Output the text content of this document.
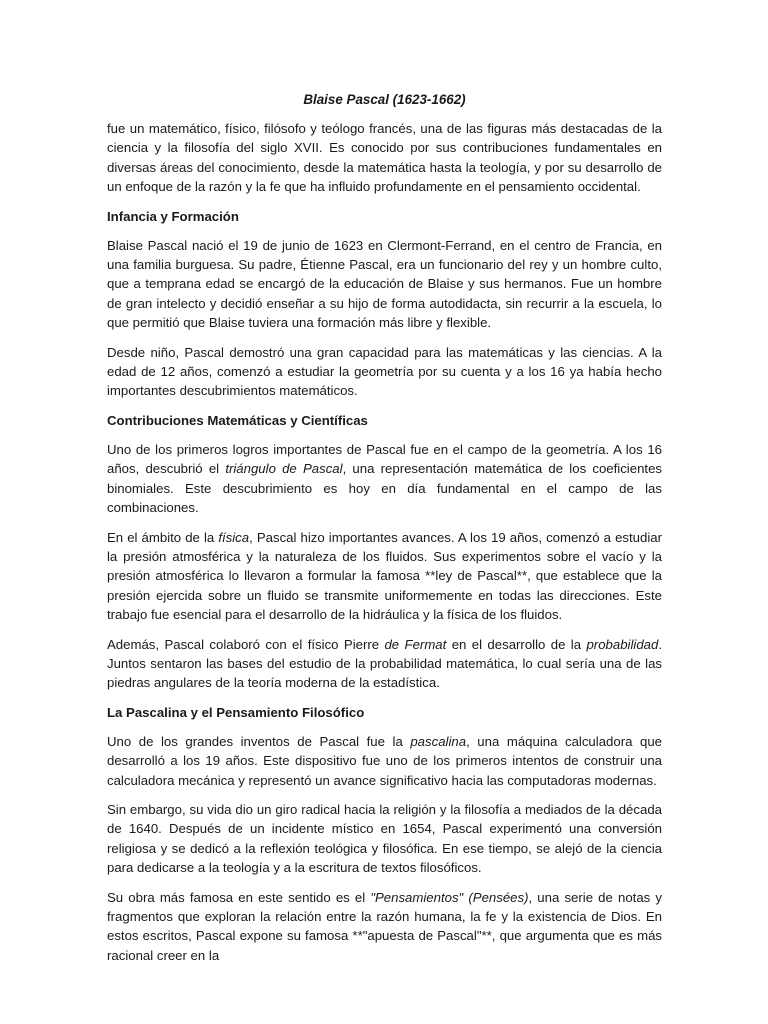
Blaise Pascal (1623-1662)
fue un matemático, físico, filósofo y teólogo francés, una de las figuras más destacadas de la ciencia y la filosofía del siglo XVII. Es conocido por sus contribuciones fundamentales en diversas áreas del conocimiento, desde la matemática hasta la teología, y por su desarrollo de un enfoque de la razón y la fe que ha influido profundamente en el pensamiento occidental.
Infancia y Formación
Blaise Pascal nació el 19 de junio de 1623 en Clermont-Ferrand, en el centro de Francia, en una familia burguesa. Su padre, Étienne Pascal, era un funcionario del rey y un hombre culto, que a temprana edad se encargó de la educación de Blaise y sus hermanos. Fue un hombre de gran intelecto y decidió enseñar a su hijo de forma autodidacta, sin recurrir a la escuela, lo que permitió que Blaise tuviera una formación más libre y flexible.
Desde niño, Pascal demostró una gran capacidad para las matemáticas y las ciencias. A la edad de 12 años, comenzó a estudiar la geometría por su cuenta y a los 16 ya había hecho importantes descubrimientos matemáticos.
Contribuciones Matemáticas y Científicas
Uno de los primeros logros importantes de Pascal fue en el campo de la geometría. A los 16 años, descubrió el triángulo de Pascal, una representación matemática de los coeficientes binomiales. Este descubrimiento es hoy en día fundamental en el campo de las combinaciones.
En el ámbito de la física, Pascal hizo importantes avances. A los 19 años, comenzó a estudiar la presión atmosférica y la naturaleza de los fluidos. Sus experimentos sobre el vacío y la presión atmosférica lo llevaron a formular la famosa **ley de Pascal**, que establece que la presión ejercida sobre un fluido se transmite uniformemente en todas las direcciones. Este trabajo fue esencial para el desarrollo de la hidráulica y la física de los fluidos.
Además, Pascal colaboró con el físico Pierre de Fermat en el desarrollo de la probabilidad. Juntos sentaron las bases del estudio de la probabilidad matemática, lo cual sería una de las piedras angulares de la teoría moderna de la estadística.
La Pascalina y el Pensamiento Filosófico
Uno de los grandes inventos de Pascal fue la pascalina, una máquina calculadora que desarrolló a los 19 años. Este dispositivo fue uno de los primeros intentos de construir una calculadora mecánica y representó un avance significativo hacia las computadoras modernas.
Sin embargo, su vida dio un giro radical hacia la religión y la filosofía a mediados de la década de 1640. Después de un incidente místico en 1654, Pascal experimentó una conversión religiosa y se dedicó a la reflexión teológica y filosófica. En ese tiempo, se alejó de la ciencia para dedicarse a la teología y a la escritura de textos filosóficos.
Su obra más famosa en este sentido es el "Pensamientos" (Pensées), una serie de notas y fragmentos que exploran la relación entre la razón humana, la fe y la existencia de Dios. En estos escritos, Pascal expone su famosa **"apuesta de Pascal"**, que argumenta que es más racional creer en la
